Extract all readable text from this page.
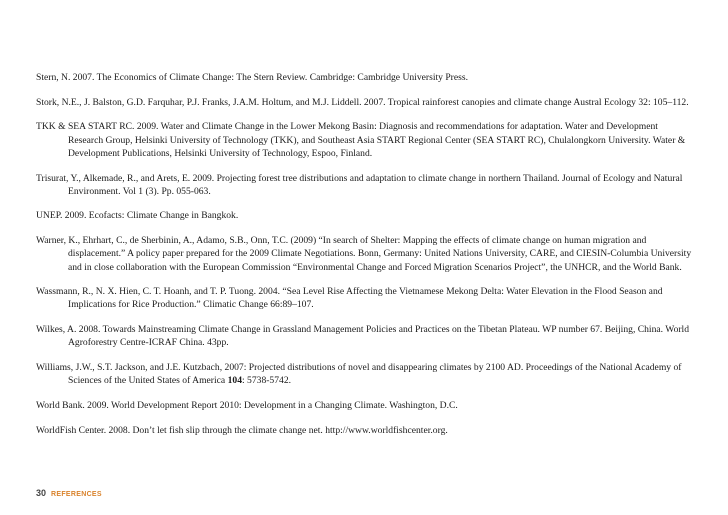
Stern, N. 2007. The Economics of Climate Change: The Stern Review. Cambridge: Cambridge University Press.

Stork, N.E., J. Balston, G.D. Farquhar, P.J. Franks, J.A.M. Holtum, and M.J. Liddell. 2007. Tropical rainforest canopies and climate change Austral Ecology 32: 105–112.

TKK & SEA START RC. 2009. Water and Climate Change in the Lower Mekong Basin: Diagnosis and recommendations for adaptation. Water and Development Research Group, Helsinki University of Technology (TKK), and Southeast Asia START Regional Center (SEA START RC), Chulalongkorn University. Water & Development Publications, Helsinki University of Technology, Espoo, Finland.

Trisurat, Y., Alkemade, R., and Arets, E. 2009. Projecting forest tree distributions and adaptation to climate change in northern Thailand. Journal of Ecology and Natural Environment. Vol 1 (3). Pp. 055-063.

UNEP. 2009. Ecofacts: Climate Change in Bangkok.

Warner, K., Ehrhart, C., de Sherbinin, A., Adamo, S.B., Onn, T.C. (2009) “In search of Shelter: Mapping the effects of climate change on human migration and displacement.” A policy paper prepared for the 2009 Climate Negotiations. Bonn, Germany: United Nations University, CARE, and CIESIN-Columbia University and in close collaboration with the European Commission “Environmental Change and Forced Migration Scenarios Project”, the UNHCR, and the World Bank.

Wassmann, R., N. X. Hien, C. T. Hoanh, and T. P. Tuong. 2004. “Sea Level Rise Affecting the Vietnamese Mekong Delta: Water Elevation in the Flood Season and Implications for Rice Production.” Climatic Change 66:89–107.

Wilkes, A. 2008. Towards Mainstreaming Climate Change in Grassland Management Policies and Practices on the Tibetan Plateau. WP number 67. Beijing, China. World Agroforestry Centre-ICRAF China. 43pp.

Williams, J.W., S.T. Jackson, and J.E. Kutzbach, 2007: Projected distributions of novel and disappearing climates by 2100 AD. Proceedings of the National Academy of Sciences of the United States of America 104: 5738-5742.

World Bank. 2009. World Development Report 2010: Development in a Changing Climate. Washington, D.C.

WorldFish Center. 2008. Don’t let fish slip through the climate change net. http://www.worldfishcenter.org.

30 REFERENCES
